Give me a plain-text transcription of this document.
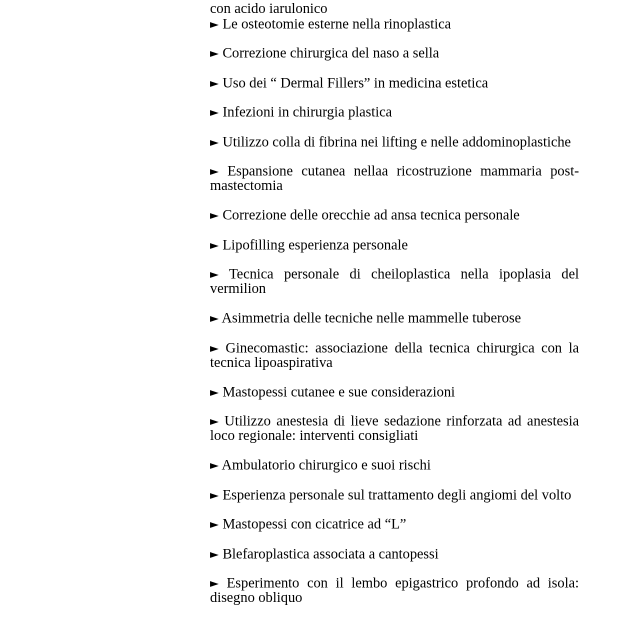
con acido iarulonico

► Le osteotomie esterne nella rinoplastica

► Correzione chirurgica del naso a sella

► Uso dei “ Dermal Fillers” in medicina estetica

► Infezioni in chirurgia plastica

► Utilizzo colla di fibrina nei lifting e nelle addominoplastiche

► Espansione cutanea nellaa ricostruzione mammaria post-mastectomia

► Correzione delle orecchie ad ansa tecnica personale

► Lipofilling esperienza personale

► Tecnica personale di cheiloplastica nella ipoplasia del vermilion

► Asimmetria delle tecniche nelle mammelle tuberose

► Ginecomastic: associazione della tecnica chirurgica con la tecnica lipoaspirativa

► Mastopessi cutanee e sue considerazioni

► Utilizzo anestesia di lieve sedazione rinforzata ad anestesia loco regionale: interventi consigliati

► Ambulatorio chirurgico e suoi rischi

► Esperienza personale sul trattamento degli angiomi del volto

► Mastopessi con cicatrice ad “L”

► Blefaroplastica associata a cantopessi

► Esperimento con il lembo epigastrico profondo ad isola: disegno obliquo
